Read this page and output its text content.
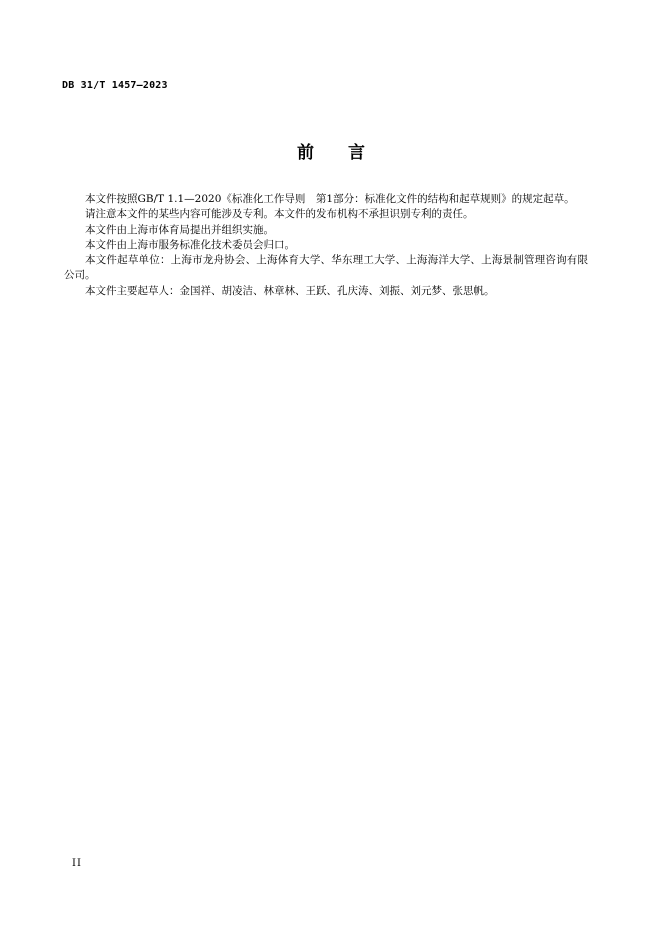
DB 31/T 1457—2023
前言

本文件按照GB/T 1.1—2020《标准化工作导则　第1部分：标准化文件的结构和起草规则》的规定起草。

请注意本文件的某些内容可能涉及专利。本文件的发布机构不承担识别专利的责任。

本文件由上海市体育局提出并组织实施。

本文件由上海市服务标准化技术委员会归口。

本文件起草单位：上海市龙舟协会、上海体育大学、华东理工大学、上海海洋大学、上海景制管理咨询有限公司。

本文件主要起草人：金国祥、胡凌洁、林章林、王跃、孔庆涛、刘振、刘元梦、张思帆。

II
